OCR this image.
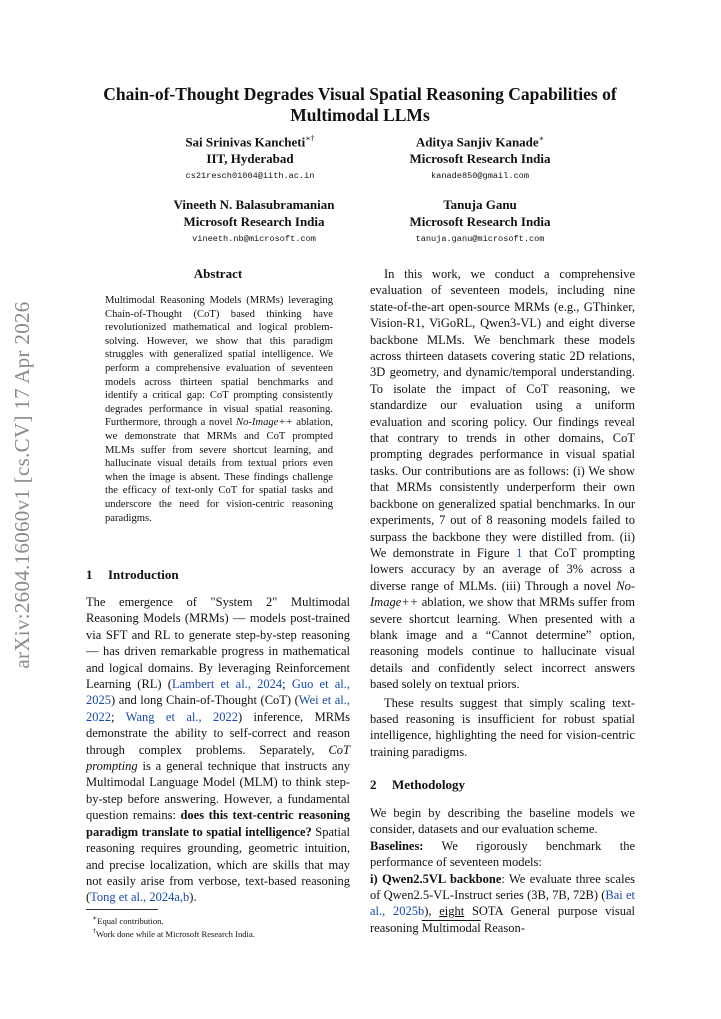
arXiv:2604.16060v1 [cs.CV] 17 Apr 2026
Chain-of-Thought Degrades Visual Spatial Reasoning Capabilities of Multimodal LLMs
Sai Srinivas Kancheti∗†
IIT, Hyderabad
cs21resch01004@iith.ac.in
Aditya Sanjiv Kanade∗
Microsoft Research India
kanade850@gmail.com
Vineeth N. Balasubramanian
Microsoft Research India
vineeth.nb@microsoft.com
Tanuja Ganu
Microsoft Research India
tanuja.ganu@microsoft.com
Abstract
Multimodal Reasoning Models (MRMs) leveraging Chain-of-Thought (CoT) based thinking have revolutionized mathematical and logical problem-solving. However, we show that this paradigm struggles with generalized spatial intelligence. We perform a comprehensive evaluation of seventeen models across thirteen spatial benchmarks and identify a critical gap: CoT prompting consistently degrades performance in visual spatial reasoning. Furthermore, through a novel No-Image++ ablation, we demonstrate that MRMs and CoT prompted MLMs suffer from severe shortcut learning, and hallucinate visual details from textual priors even when the image is absent. These findings challenge the efficacy of text-only CoT for spatial tasks and underscore the need for vision-centric reasoning paradigms.
1 Introduction

The emergence of "System 2" Multimodal Reasoning Models (MRMs) — models post-trained via SFT and RL to generate step-by-step reasoning — has driven remarkable progress in mathematical and logical domains. By leveraging Reinforcement Learning (RL) (Lambert et al., 2024; Guo et al., 2025) and long Chain-of-Thought (CoT) (Wei et al., 2022; Wang et al., 2022) inference, MRMs demonstrate the ability to self-correct and reason through complex problems. Separately, CoT prompting is a general technique that instructs any Multimodal Language Model (MLM) to think step-by-step before answering. However, a fundamental question remains: does this text-centric reasoning paradigm translate to spatial intelligence? Spatial reasoning requires grounding, geometric intuition, and precise localization, which are skills that may not easily arise from verbose, text-based reasoning (Tong et al., 2024a,b).

∗Equal contribution.
†Work done while at Microsoft Research India.

In this work, we conduct a comprehensive evaluation of seventeen models, including nine state-of-the-art open-source MRMs (e.g., GThinker, Vision-R1, ViGoRL, Qwen3-VL) and eight diverse backbone MLMs. We benchmark these models across thirteen datasets covering static 2D relations, 3D geometry, and dynamic/temporal understanding. To isolate the impact of CoT reasoning, we standardize our evaluation using a uniform evaluation and scoring policy. Our findings reveal that contrary to trends in other domains, CoT prompting degrades performance in visual spatial tasks. Our contributions are as follows: (i) We show that MRMs consistently underperform their own backbone on generalized spatial benchmarks. In our experiments, 7 out of 8 reasoning models failed to surpass the backbone they were distilled from. (ii) We demonstrate in Figure 1 that CoT prompting lowers accuracy by an average of 3% across a diverse range of MLMs. (iii) Through a novel No-Image++ ablation, we show that MRMs suffer from severe shortcut learning. When presented with a blank image and a “Cannot determine” option, reasoning models continue to hallucinate visual details and confidently select incorrect answers based solely on textual priors.

These results suggest that simply scaling text-based reasoning is insufficient for robust spatial intelligence, highlighting the need for vision-centric training paradigms.

2 Methodology

We begin by describing the baseline models we consider, datasets and our evaluation scheme.

Baselines: We rigorously benchmark the performance of seventeen models:

i) Qwen2.5VL backbone: We evaluate three scales of Qwen2.5-VL-Instruct series (3B, 7B, 72B) (Bai et al., 2025b), eight SOTA General purpose visual reasoning Multimodal Reason-
